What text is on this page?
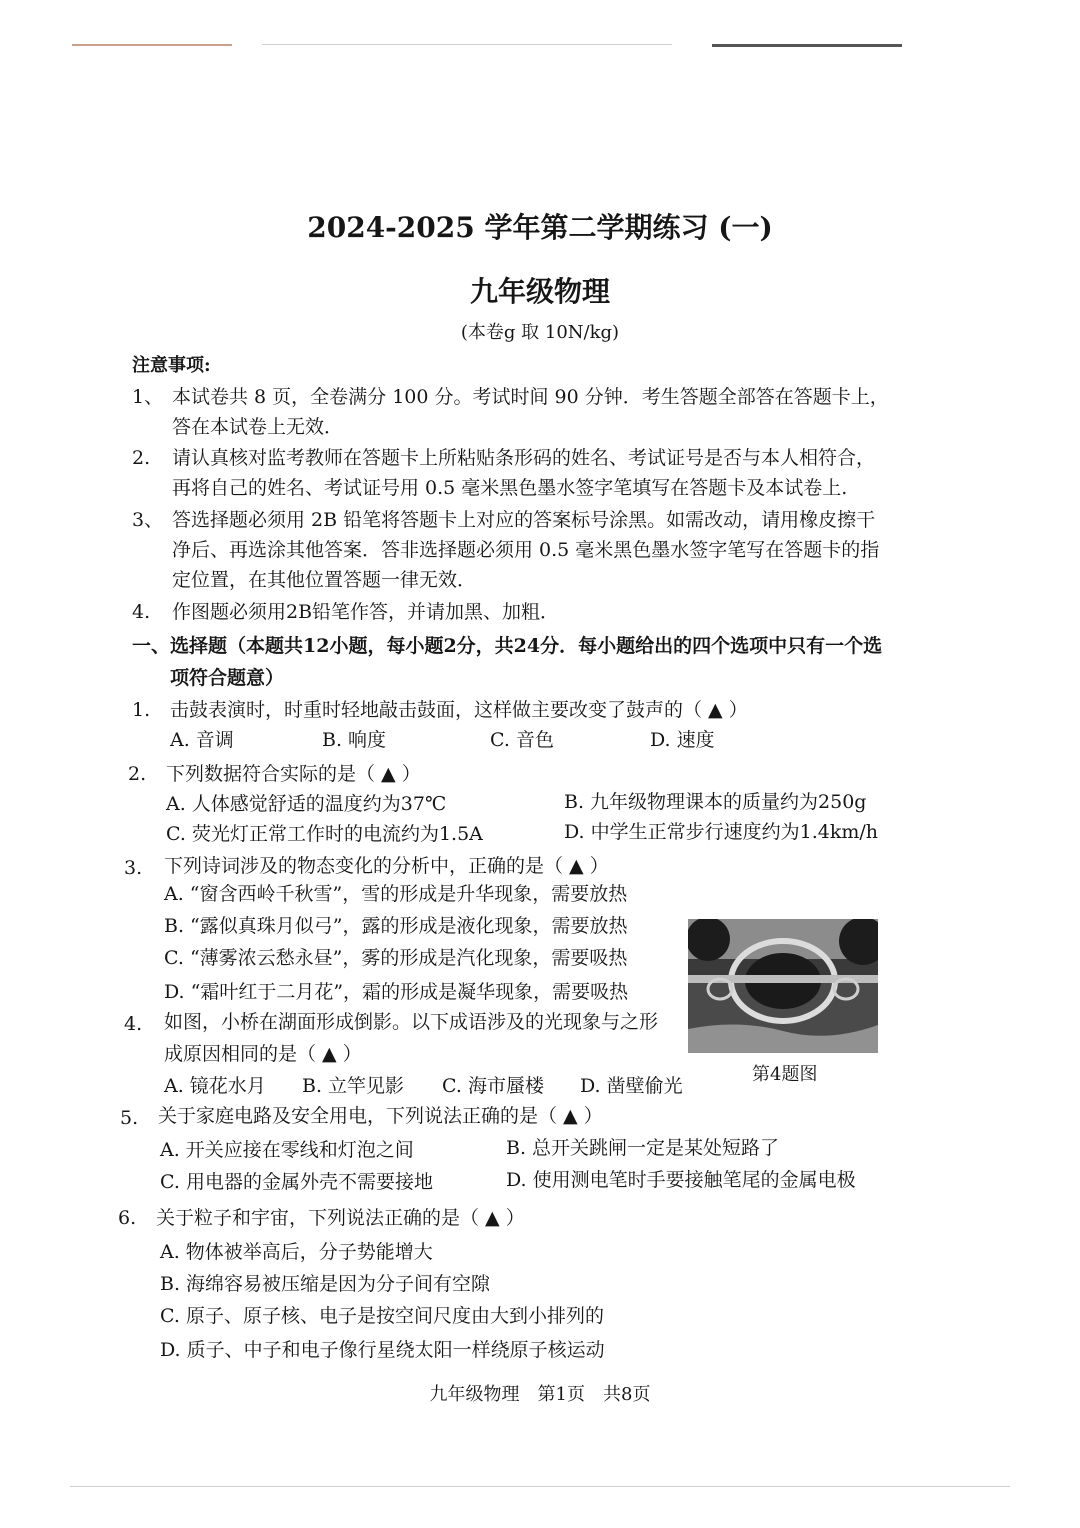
2024-2025 学年第二学期练习 (一)
九年级物理
(本卷g 取 10N/kg)
注意事项:
1、 本试卷共 8 页，全卷满分 100 分。考试时间 90 分钟．考生答题全部答在答题卡上，
答在本试卷上无效．
2. 请认真核对监考教师在答题卡上所粘贴条形码的姓名、考试证号是否与本人相符合，
再将自己的姓名、考试证号用 0.5 毫米黑色墨水签字笔填写在答题卡及本试卷上.
3、 答选择题必须用 2B 铅笔将答题卡上对应的答案标号涂黑。如需改动，请用橡皮擦干
净后、再选涂其他答案．答非选择题必须用 0.5 毫米黑色墨水签字笔写在答题卡的指
定位置，在其他位置答题一律无效．
4. 作图题必须用2B铅笔作答，并请加黑、加粗．
一、 选择题（本题共12小题，每小题2分，共24分．每小题给出的四个选项中只有一个选
项符合题意）
1. 击鼓表演时，时重时轻地敲击鼓面，这样做主要改变了鼓声的（ ▲ ）
A. 音调	B. 响度	C. 音色	D. 速度
2. 下列数据符合实际的是（ ▲ ）
A. 人体感觉舒适的温度约为37℃	B. 九年级物理课本的质量约为250g
C. 荧光灯正常工作时的电流约为1.5A	D. 中学生正常步行速度约为1.4km/h
3. 下列诗词涉及的物态变化的分析中，正确的是（ ▲ ）
A. “窗含西岭千秋雪”，雪的形成是升华现象，需要放热
B. “露似真珠月似弓”，露的形成是液化现象，需要放热
C. “薄雾浓云愁永昼”，雾的形成是汽化现象，需要吸热
D. “霜叶红于二月花”，霜的形成是凝华现象，需要吸热
4. 如图，小桥在湖面形成倒影。以下成语涉及的光现象与之形
成原因相同的是（ ▲ ）
A. 镜花水月 B. 立竿见影 C. 海市蜃楼 D. 凿壁偷光
第4题图
5. 关于家庭电路及安全用电，下列说法正确的是（ ▲ ）
A. 开关应接在零线和灯泡之间	B. 总开关跳闸一定是某处短路了
C. 用电器的金属外壳不需要接地	D. 使用测电笔时手要接触笔尾的金属电极
6. 关于粒子和宇宙，下列说法正确的是（ ▲ ）
A. 物体被举高后，分子势能增大
B. 海绵容易被压缩是因为分子间有空隙
C. 原子、原子核、电子是按空间尺度由大到小排列的
D. 质子、中子和电子像行星绕太阳一样绕原子核运动
九年级物理　第1页　共8页
